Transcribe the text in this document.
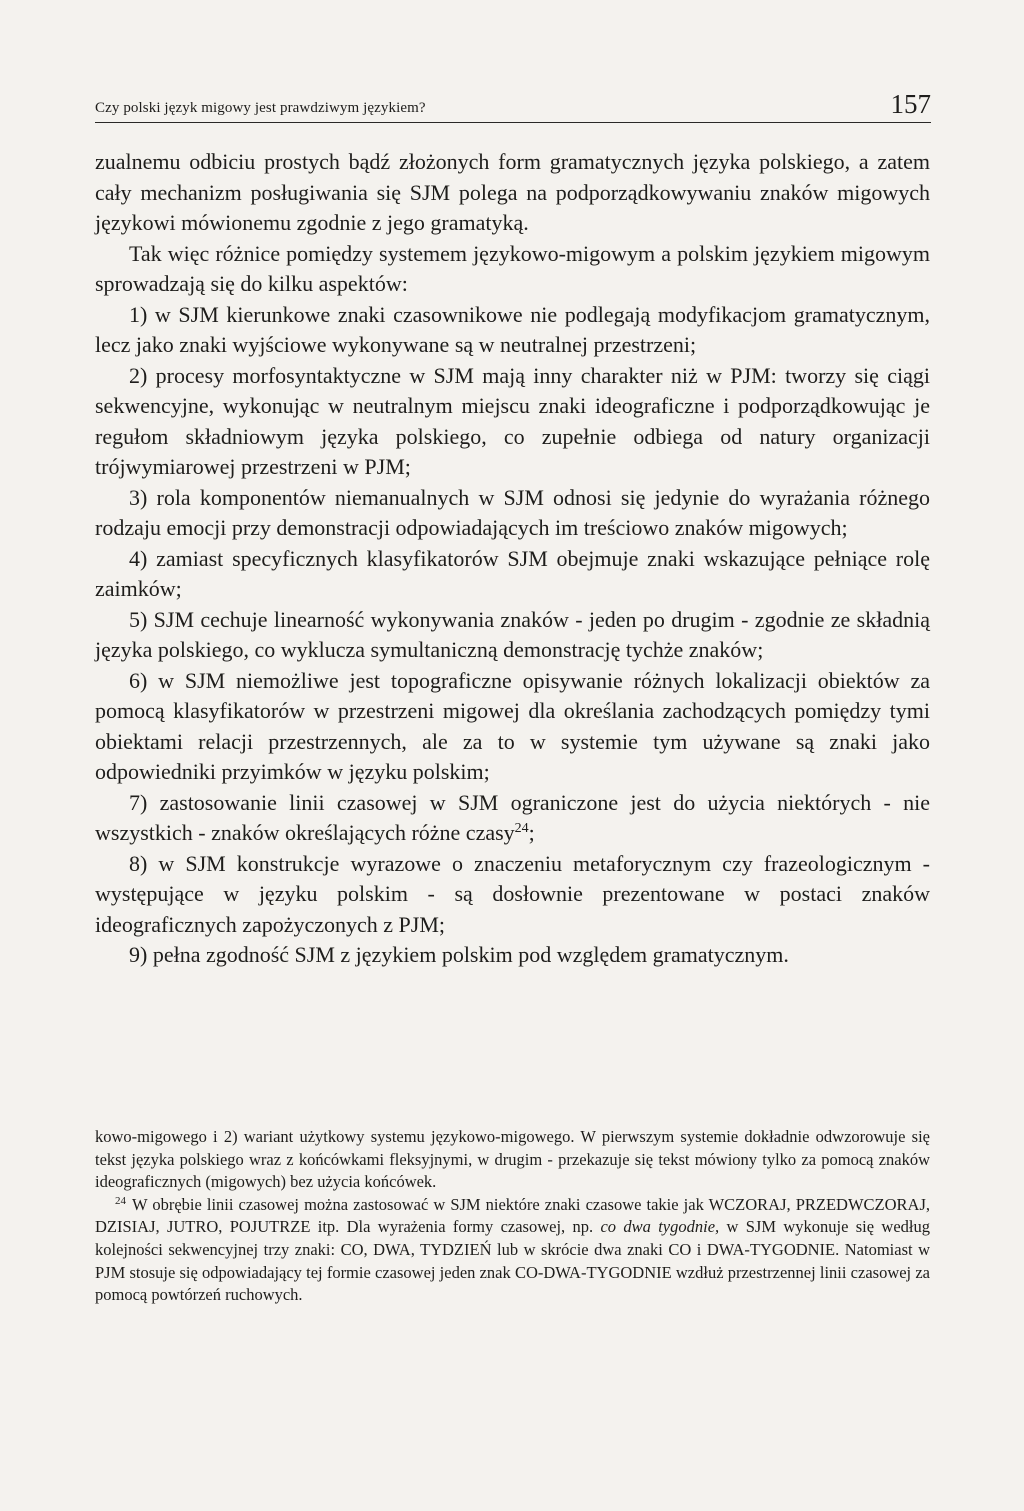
Czy polski język migowy jest prawdziwym językiem?	157

zualnemu odbiciu prostych bądź złożonych form gramatycznych języka polskiego, a zatem cały mechanizm posługiwania się SJM polega na podporządkowywaniu znaków migowych językowi mówionemu zgodnie z jego gramatyką.

Tak więc różnice pomiędzy systemem językowo-migowym a polskim językiem migowym sprowadzają się do kilku aspektów:

1) w SJM kierunkowe znaki czasownikowe nie podlegają modyfikacjom gramatycznym, lecz jako znaki wyjściowe wykonywane są w neutralnej przestrzeni;

2) procesy morfosyntaktyczne w SJM mają inny charakter niż w PJM: tworzy się ciągi sekwencyjne, wykonując w neutralnym miejscu znaki ideograficzne i podporządkowując je regułom składniowym języka polskiego, co zupełnie odbiega od natury organizacji trójwymiarowej przestrzeni w PJM;

3) rola komponentów niemanualnych w SJM odnosi się jedynie do wyrażania różnego rodzaju emocji przy demonstracji odpowiadających im treściowo znaków migowych;

4) zamiast specyficznych klasyfikatorów SJM obejmuje znaki wskazujące pełniące rolę zaimków;

5) SJM cechuje linearność wykonywania znaków - jeden po drugim - zgodnie ze składnią języka polskiego, co wyklucza symultaniczną demonstrację tychże znaków;

6) w SJM niemożliwe jest topograficzne opisywanie różnych lokalizacji obiektów za pomocą klasyfikatorów w przestrzeni migowej dla określania zachodzących pomiędzy tymi obiektami relacji przestrzennych, ale za to w systemie tym używane są znaki jako odpowiedniki przyimków w języku polskim;

7) zastosowanie linii czasowej w SJM ograniczone jest do użycia niektórych - nie wszystkich - znaków określających różne czasy$^{24}$;

8) w SJM konstrukcje wyrazowe o znaczeniu metaforycznym czy frazeologicznym - występujące w języku polskim - są dosłownie prezentowane w postaci znaków ideograficznych zapożyczonych z PJM;

9) pełna zgodność SJM z językiem polskim pod względem gramatycznym.

kowo-migowego i 2) wariant użytkowy systemu językowo-migowego. W pierwszym systemie dokładnie odwzorowuje się tekst języka polskiego wraz z końcówkami fleksyjnymi, w drugim - przekazuje się tekst mówiony tylko za pomocą znaków ideograficznych (migowych) bez użycia końcówek.

$^{24}$ W obrębie linii czasowej można zastosować w SJM niektóre znaki czasowe takie jak WCZORAJ, PRZEDWCZORAJ, DZISIAJ, JUTRO, POJUTRZE itp. Dla wyrażenia formy czasowej, np. co dwa tygodnie, w SJM wykonuje się według kolejności sekwencyjnej trzy znaki: CO, DWA, TYDZIEŃ lub w skrócie dwa znaki CO i DWA-TYGODNIE. Natomiast w PJM stosuje się odpowiadający tej formie czasowej jeden znak CO-DWA-TYGODNIE wzdłuż przestrzennej linii czasowej za pomocą powtórzeń ruchowych.
